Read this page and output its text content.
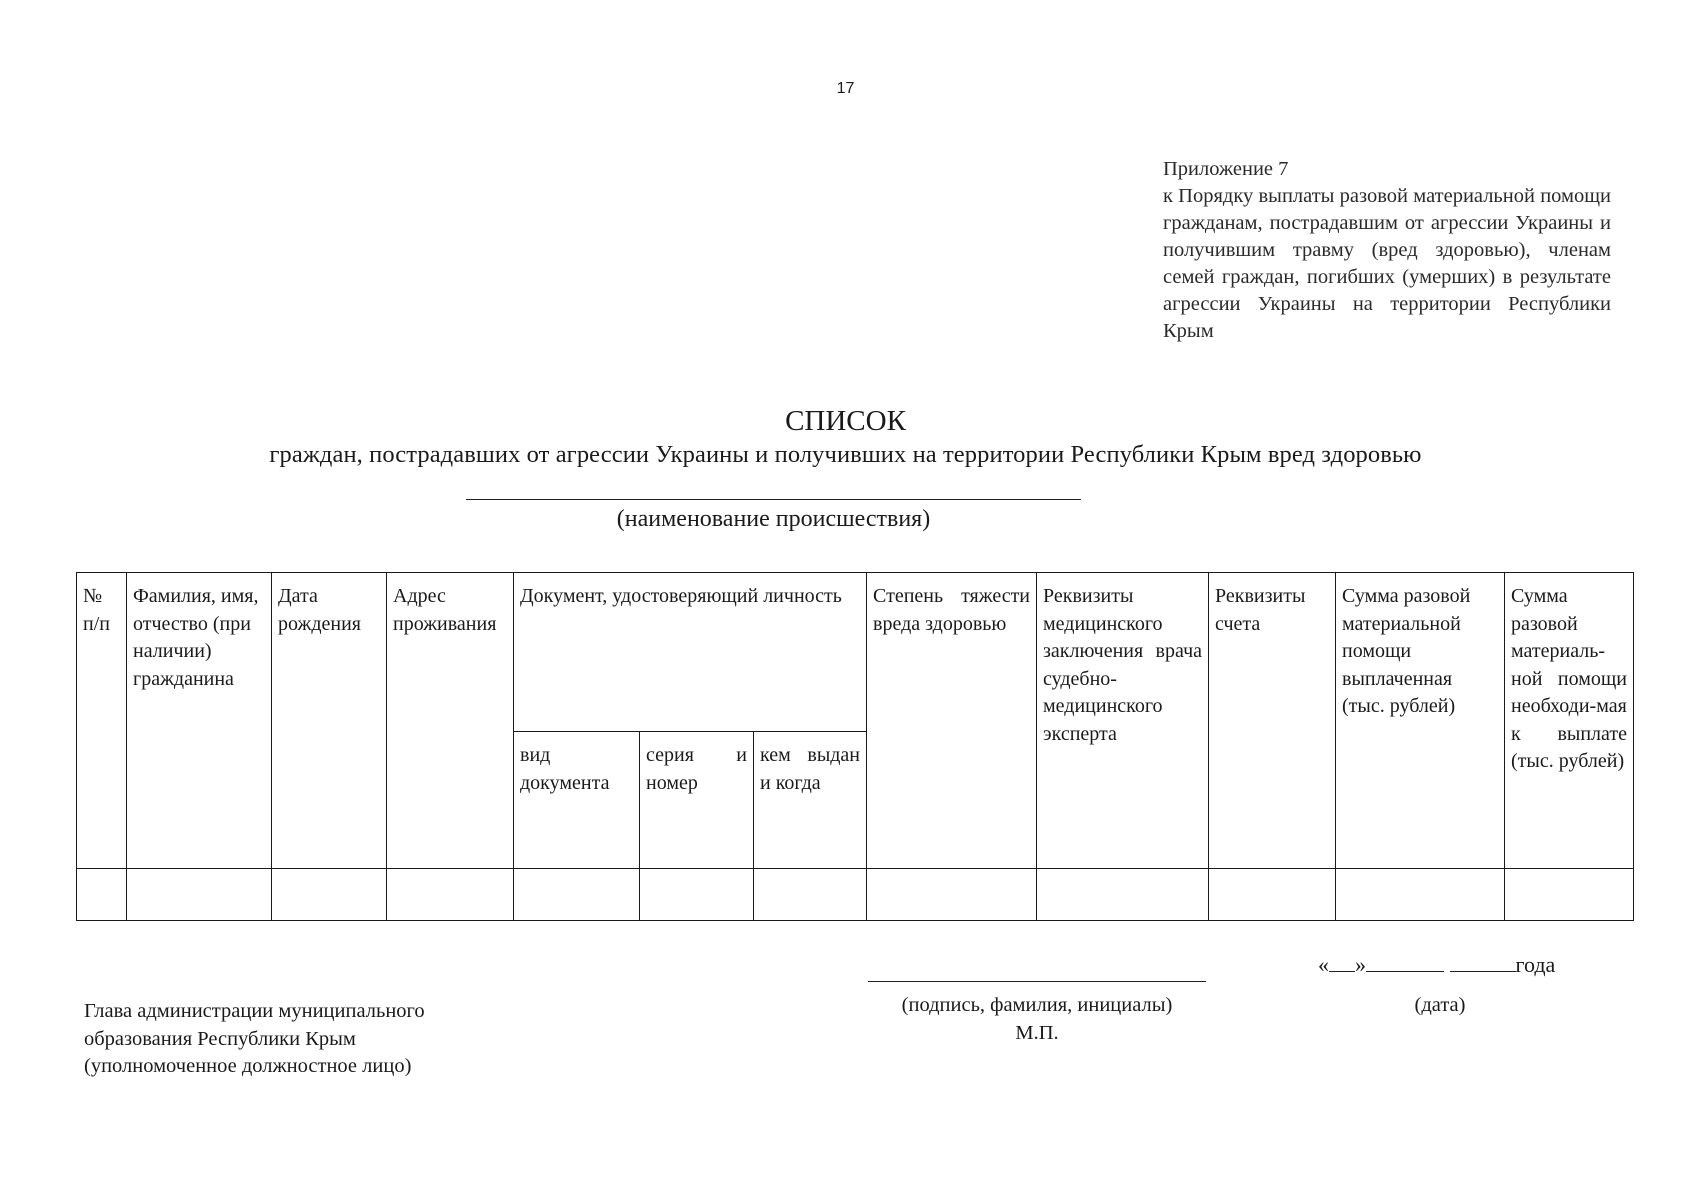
17
Приложение 7
к Порядку выплаты разовой материальной помощи гражданам, пострадавшим от агрессии Украины и получившим травму (вред здоровью), членам семей граждан, погибших (умерших) в результате агрессии Украины на территории Республики Крым
СПИСОК
граждан, пострадавших от агрессии Украины и получивших на территории Республики Крым вред здоровью
(наименование происшествия)
№ п/п	Фамилия, имя, отчество (при наличии) гражданина	Дата рождения	Адрес проживания	Документ, удостоверяющий личность			Степень тяжести вреда здоровью	Реквизиты медицинского заключения врача судебно-медицинского эксперта	Реквизиты счета	Сумма разовой материальной помощи выплаченная (тыс. рублей)	Сумма разовой материаль-ной помощи необходи-мая к выплате (тыс. рублей)
				вид документа	серия и номер	кем выдан и когда					

(подпись, фамилия, инициалы)
М.П.
« »	года
(дата)
Глава администрации муниципального
образования Республики Крым
(уполномоченное должностное лицо)
